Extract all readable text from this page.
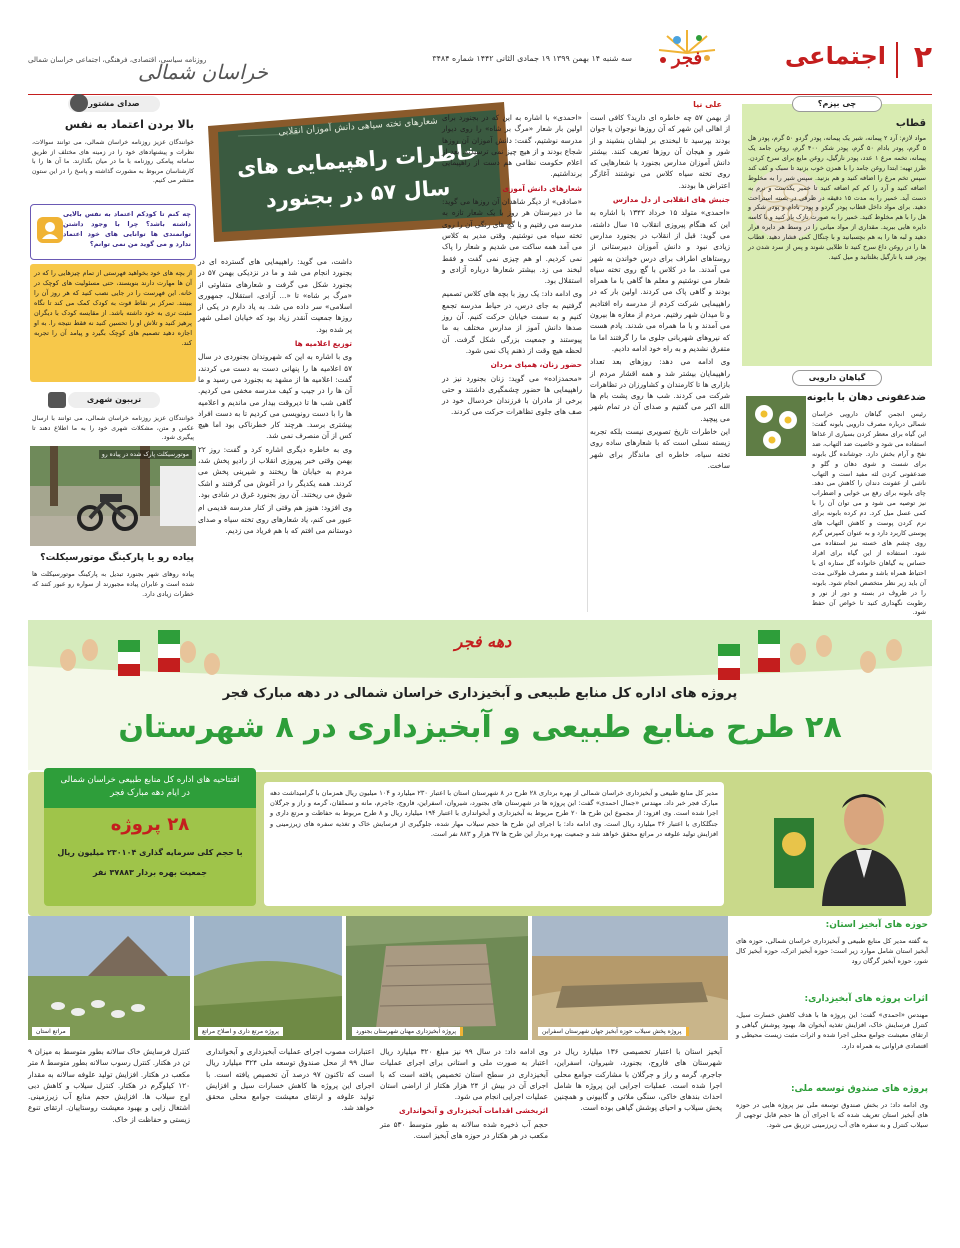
۲
اجتماعی
فجر
سه شنبه ۱۴ بهمن ۱۳۹۹ ۱۹ جمادی الثانی ۱۴۴۲ شماره ۳۴۸۴
خراسان شمالی
روزنامه سیاسی، اقتصادی، فرهنگی، اجتماعی خراسان شمالی
صدای مشتور
بالا بردن اعتماد به نفس
خوانندگان عزیز روزنامه خراسان شمالی، می توانند سوالات، نظرات و پیشنهادهای خود را در زمینه های مختلف از طریق سامانه پیامکی روزنامه با ما در میان بگذارند. ما آن ها را با کارشناسان مربوط به مشورت گذاشته و پاسخ را در این ستون منتشر می کنیم.
چه کنم تا کودکم اعتماد به نفس بالایی داشته باشد؟ چرا با وجود داشتن توانمندی ها توانایی های خود اعتماد ندارد و می گوید من نمی توانم؟
از بچه های خود بخواهید فهرستی از تمام چیزهایی را که در آن ها مهارت دارند بنویسند، حتی مسئولیت های کوچک در خانه. این فهرست را در جایی نصب کنید که هر روز آن را ببینند. تمرکز بر نقاط قوت به کودک کمک می کند تا نگاه مثبت تری به خود داشته باشد. از مقایسه کودک با دیگران پرهیز کنید و تلاش او را تحسین کنید نه فقط نتیجه را. به او اجازه دهید تصمیم های کوچک بگیرد و پیامد آن را تجربه کند.
تریبون شهری
خوانندگان عزیز روزنامه خراسان شمالی، می توانند با ارسال عکس و متن، مشکلات شهری خود را به ما اطلاع دهند تا پیگیری شود.
موتورسیکلت پارک شده در پیاده رو
پیاده رو یا پارکینگ موتورسیکلت؟
پیاده روهای شهر بجنورد تبدیل به پارکینگ موتورسیکلت ها شده است و عابران پیاده مجبورند از سواره رو عبور کنند که خطرات زیادی دارد.
چی بپزم؟
قطاب
مواد لازم: آرد ۲ پیمانه، شیر یک پیمانه، پودر گردو ۵۰ گرم، پودر هل ۵ گرم، پودر بادام ۵۰ گرم، پودر شکر ۴۰۰ گرم، روغن جامد یک پیمانه، تخمه مرغ ۱ عدد، پودر نارگیل، روغن مایع برای سرخ کردن. طرز تهیه: ابتدا روغن جامد را با همزن خوب بزنید تا سبک و کف کند سپس تخم مرغ را اضافه کنید و هم بزنید. سپس شیر را به مخلوط اضافه کنید و آرد را کم کم اضافه کنید تا خمیر یکدست و نرم به دست آید. خمیر را به مدت ۱۵ دقیقه در ظرفی در بسته استراحت دهید. برای مواد داخل قطاب پودر گردو و پودر بادام و پودر شکر و هل را با هم مخلوط کنید. خمیر را به صورت نازک باز کنید و با کاسه دایره هایی ببرید. مقداری از مواد میانی را در وسط هر دایره قرار دهید و لبه ها را به هم بچسبانید و با چنگال کمی فشار دهید. قطاب ها را در روغن داغ سرخ کنید تا طلایی شوند و پس از سرد شدن در پودر قند یا نارگیل بغلتانید و میل کنید.
گیاهان دارویی
ضدعفونی دهان با بابونه
رئیس انجمن گیاهان دارویی خراسان شمالی درباره مصرف دارویی بابونه گفت: این گیاه برای معطر کردن بسیاری از غذاها استفاده می شود و خاصیت ضد التهاب، ضد نفخ و آرام بخش دارد. جوشانده گل بابونه برای شست و شوی دهان و گلو و ضدعفونی کردن لثه مفید است و التهاب ناشی از عفونت دندان را کاهش می دهد. چای بابونه برای رفع بی خوابی و اضطراب نیز توصیه می شود و می توان آن را با کمی عسل میل کرد. دم کرده بابونه برای نرم کردن پوست و کاهش التهاب های پوستی کاربرد دارد و به عنوان کمپرس گرم روی چشم های خسته نیز استفاده می شود. استفاده از این گیاه برای افراد حساس به گیاهان خانواده گل ستاره ای با احتیاط همراه باشد و مصرف طولانی مدت آن باید زیر نظر متخصص انجام شود. بابونه را در ظروف در بسته و دور از نور و رطوبت نگهداری کنید تا خواص آن حفظ شود.
شعارهای تخته سیاهی دانش آموزان انقلابی
خاطرات راهپیمایی های
سال ۵۷ در بجنورد
علی نیا

از بهمن ۵۷ چه خاطره ای دارید؟ کافی است از اهالی این شهر که آن روزها نوجوان یا جوان بودند بپرسید تا لبخندی بر لبشان بنشیند و از شور و هیجان آن روزها تعریف کنند. بیشتر دانش آموزان مدارس بجنورد با شعارهایی که روی تخته سیاه کلاس می نوشتند آغازگر اعتراض ها بودند.

جنبش های انقلابی از دل مدارس

«احمدی» متولد ۱۵ خرداد ۱۳۴۲ با اشاره به این که هنگام پیروزی انقلاب ۱۵ سال داشته، می گوید: قبل از انقلاب در بجنورد مدارس زیادی نبود و دانش آموزان دبیرستانی از روستاهای اطراف برای درس خواندن به شهر می آمدند. ما در کلاس با گچ روی تخته سیاه شعار می نوشتیم و معلم ها گاهی با ما همراه بودند و گاهی پاک می کردند. اولین بار که در راهپیمایی شرکت کردم از مدرسه راه افتادیم و تا میدان شهر رفتیم. مردم از مغازه ها بیرون می آمدند و با ما همراه می شدند. یادم هست که نیروهای شهربانی جلوی ما را گرفتند اما ما متفرق نشدیم و به راه خود ادامه دادیم.

وی ادامه می دهد: روزهای بعد تعداد راهپیمایان بیشتر شد و همه اقشار مردم از بازاری ها تا کارمندان و کشاورزان در تظاهرات شرکت می کردند. شب ها روی پشت بام ها الله اکبر می گفتیم و صدای آن در تمام شهر می پیچید.

این خاطرات تاریخ تصویری نیست بلکه تجربه زیسته نسلی است که با شعارهای ساده روی تخته سیاه، خاطره ای ماندگار برای شهر ساخت.

«احمدی» با اشاره به این که در بجنورد برای اولین بار شعار «مرگ بر شاه» را روی دیوار مدرسه نوشتیم، گفت: دانش آموزان آن روزها شجاع بودند و از هیچ چیز نمی ترسیدند. بعد از اعلام حکومت نظامی هم دست از راهپیمایی برنداشتیم.

شعارهای دانش آموزی

«صادقی» از دیگر شاهدان آن روزها می گوید: ما در دبیرستان هر روز با یک شعار تازه به مدرسه می رفتیم و با گچ های رنگی آن را روی تخته سیاه می نوشتیم. وقتی مدیر به کلاس می آمد همه ساکت می شدیم و شعار را پاک نمی کردیم. او هم چیزی نمی گفت و فقط لبخند می زد. بیشتر شعارها درباره آزادی و استقلال بود.

وی ادامه داد: یک روز با بچه های کلاس تصمیم گرفتیم به جای درس، در حیاط مدرسه تجمع کنیم و به سمت خیابان حرکت کنیم. آن روز صدها دانش آموز از مدارس مختلف به ما پیوستند و جمعیت بزرگی شکل گرفت. آن لحظه هیچ وقت از ذهنم پاک نمی شود.

حضور زنان، همپای مردان

«محمدزاده» می گوید: زنان بجنورد نیز در راهپیمایی ها حضور چشمگیری داشتند و حتی برخی از مادران با فرزندان خردسال خود در صف های جلوی تظاهرات حرکت می کردند.

داشت، می گوید: راهپیمایی های گسترده ای در بجنورد انجام می شد و ما در نزدیکی بهمن ۵۷ در بجنورد شکل می گرفت و شعارهای متفاوتی از «مرگ بر شاه» تا «... آزادی، استقلال، جمهوری اسلامی» سر داده می شد. به یاد دارم در یکی از روزها جمعیت آنقدر زیاد بود که خیابان اصلی شهر پر شده بود.

توزیع اعلامیه ها

وی با اشاره به این که شهروندان بجنوردی در سال ۵۷ اعلامیه ها را پنهانی دست به دست می کردند، گفت: اعلامیه ها از مشهد به بجنورد می رسید و ما آن ها را در جیب و کیف مدرسه مخفی می کردیم. گاهی شب ها تا دیروقت بیدار می ماندیم و اعلامیه ها را با دست رونویسی می کردیم تا به دست افراد بیشتری برسد. هرچند کار خطرناکی بود اما هیچ کس از آن منصرف نمی شد.

وی به خاطره دیگری اشاره کرد و گفت: روز ۲۲ بهمن وقتی خبر پیروزی انقلاب از رادیو پخش شد، مردم به خیابان ها ریختند و شیرینی پخش می کردند. همه یکدیگر را در آغوش می گرفتند و اشک شوق می ریختند. آن روز بجنورد غرق در شادی بود.

وی افزود: هنوز هم وقتی از کنار مدرسه قدیمی ام عبور می کنم، یاد شعارهای روی تخته سیاه و صدای دوستانم می افتم که با هم فریاد می زدیم.

دهه فجر
پروژه های اداره کل منابع طبیعی و آبخیزداری خراسان شمالی در دهه مبارک فجر
۲۸ طرح منابع طبیعی و آبخیزداری در ۸ شهرستان
افتتاحیه های اداره کل منابع طبیعی خراسان شمالی در ایام دهه مبارک فجر
۲۸ پروژه
با حجم کلی سرمایه گذاری ۲۳۰۱۰۴ میلیون ریال
جمعیت بهره بردار ۳۷۸۸۳ نفر
مدیر کل منابع طبیعی و آبخیزداری خراسان شمالی از بهره برداری ۲۸ طرح در ۸ شهرستان استان با اعتبار ۲۳۰ میلیارد و ۱۰۴ میلیون ریال همزمان با گرامیداشت دهه مبارک فجر خبر داد. مهندس «جمال احمدی» گفت: این پروژه ها در شهرستان های بجنورد، شیروان، اسفراین، فاروج، جاجرم، مانه و سملقان، گرمه و راز و جرگلان اجرا شده است. وی افزود: از مجموع این طرح ها ۲۰ طرح مربوط به آبخیزداری و آبخوانداری با اعتبار ۱۹۴ میلیارد ریال و ۸ طرح مربوط به حفاظت و مرتع داری و جنگلکاری با اعتبار ۳۶ میلیارد ریال است. وی ادامه داد: با اجرای این طرح ها حجم سیلاب مهار شده، جلوگیری از فرسایش خاک و تغذیه سفره های زیرزمینی و افزایش تولید علوفه در مراتع محقق خواهد شد و جمعیت بهره بردار این طرح ها ۳۷ هزار و ۸۸۳ نفر است.
پروژه پخش سیلاب حوزه آبخیز جهان شهرستان اسفراین
پروژه آبخیزداری مهنان شهرستان بجنورد
پروژه مرتع داری و اصلاح مراتع
مراتع استان
حوزه های آبخیز استان:
به گفته مدیر کل منابع طبیعی و آبخیزداری خراسان شمالی، حوزه های آبخیز استان شامل موارد زیر است: حوزه آبخیز اترک، حوزه آبخیز کال شور، حوزه آبخیز گرگان رود
اثرات پروژه های آبخیزداری:
مهندس «احمدی» گفت: این پروژه ها با هدف کاهش خسارت سیل، کنترل فرسایش خاک، افزایش تغذیه آبخوان ها، بهبود پوشش گیاهی و ارتقای معیشت جوامع محلی اجرا شده و اثرات مثبت زیست محیطی و اقتصادی فراوانی به همراه دارد.
پروژه های صندوق توسعه ملی:
وی ادامه داد: در بخش صندوق توسعه ملی نیز پروژه هایی در حوزه های آبخیز استان تعریف شده که با اجرای آن ها حجم قابل توجهی از سیلاب کنترل و به سفره های آب زیرزمینی تزریق می شود.

آبخیز استان با اعتبار تخصیصی ۱۳۶ میلیارد ریال در شهرستان های فاروج، بجنورد، شیروان، اسفراین، جاجرم، گرمه و راز و جرگلان با مشارکت جوامع محلی اجرا شده است. عملیات اجرایی این پروژه ها شامل احداث بندهای خاکی، سنگی ملاتی و گابیونی و همچنین پخش سیلاب و احیای پوشش گیاهی بوده است.

وی ادامه داد: در سال ۹۹ نیز مبلغ ۳۲۰ میلیارد ریال اعتبار به صورت ملی و استانی برای اجرای عملیات آبخیزداری در سطح استان تخصیص یافته است که با اجرای آن در بیش از ۲۴ هزار هکتار از اراضی استان عملیات اجرایی انجام می شود.

اثربخشی اقدامات آبخیزداری و آبخوانداری

حجم آب ذخیره شده سالانه به طور متوسط ۵۳۰ متر مکعب در هر هکتار در حوزه های آبخیز است.

اعتبارات مصوب اجرای عملیات آبخیزداری و آبخوانداری سال ۹۹ از محل صندوق توسعه ملی ۳۲۴ میلیارد ریال است که تاکنون ۹۷ درصد آن تخصیص یافته است. با اجرای این پروژه ها کاهش خسارات سیل و افزایش تولید علوفه و ارتقای معیشت جوامع محلی محقق خواهد شد.

کنترل فرسایش خاک سالانه بطور متوسط به میزان ۹ تن در هکتار. کنترل رسوب سالانه بطور متوسط ۸ متر مکعب در هکتار. افزایش تولید علوفه سالانه به مقدار ۱۲۰ کیلوگرم در هکتار. کنترل سیلاب و کاهش دبی اوج سیلاب ها. افزایش حجم منابع آب زیرزمینی. اشتغال زایی و بهبود معیشت روستاییان. ارتقای تنوع زیستی و حفاظت از خاک.
